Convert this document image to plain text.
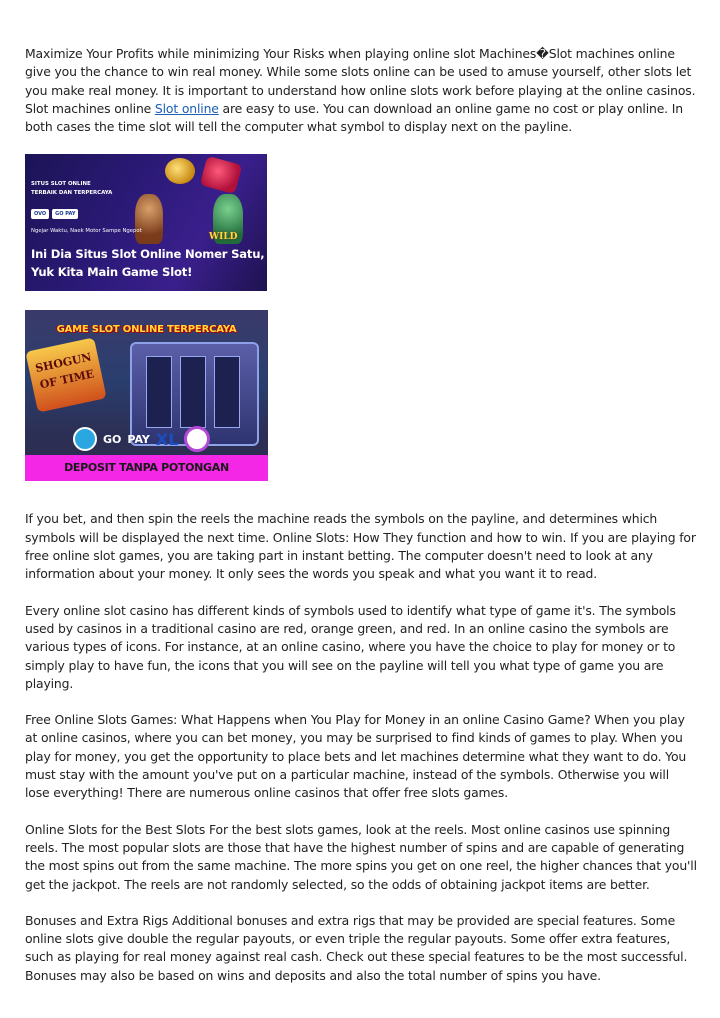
Maximize Your Profits while minimizing Your Risks when playing online slot Machines�Slot machines online give you the chance to win real money. While some slots online can be used to amuse yourself, other slots let you make real money. It is important to understand how online slots work before playing at the online casinos. Slot machines online Slot online are easy to use. You can download an online game no cost or play online. In both cases the time slot will tell the computer what symbol to display next on the payline.

SITUS SLOT ONLINE
TERBAIK DAN TERPERCAYA
OVO	GO PAY
WILD
Ngejar Waktu, Naek Motor Sampe Ngepot
Ini Dia Situs Slot Online Nomer Satu,
Yuk Kita Main Game Slot!
GAME SLOT ONLINE TERPERCAYA
SHOGUN OF TIME
GO PAY XL
DEPOSIT TANPA POTONGAN

If you bet, and then spin the reels the machine reads the symbols on the payline, and determines which symbols will be displayed the next time. Online Slots: How They function and how to win. If you are playing for free online slot games, you are taking part in instant betting. The computer doesn't need to look at any information about your money. It only sees the words you speak and what you want it to read.

Every online slot casino has different kinds of symbols used to identify what type of game it's. The symbols used by casinos in a traditional casino are red, orange green, and red. In an online casino the symbols are various types of icons. For instance, at an online casino, where you have the choice to play for money or to simply play to have fun, the icons that you will see on the payline will tell you what type of game you are playing.

Free Online Slots Games: What Happens when You Play for Money in an online Casino Game? When you play at online casinos, where you can bet money, you may be surprised to find kinds of games to play. When you play for money, you get the opportunity to place bets and let machines determine what they want to do. You must stay with the amount you've put on a particular machine, instead of the symbols. Otherwise you will lose everything! There are numerous online casinos that offer free slots games.

Online Slots for the Best Slots For the best slots games, look at the reels. Most online casinos use spinning reels. The most popular slots are those that have the highest number of spins and are capable of generating the most spins out from the same machine. The more spins you get on one reel, the higher chances that you'll get the jackpot. The reels are not randomly selected, so the odds of obtaining jackpot items are better.

Bonuses and Extra Rigs Additional bonuses and extra rigs that may be provided are special features. Some online slots give double the regular payouts, or even triple the regular payouts. Some offer extra features, such as playing for real money against real cash. Check out these special features to be the most successful. Bonuses may also be based on wins and deposits and also the total number of spins you have.
